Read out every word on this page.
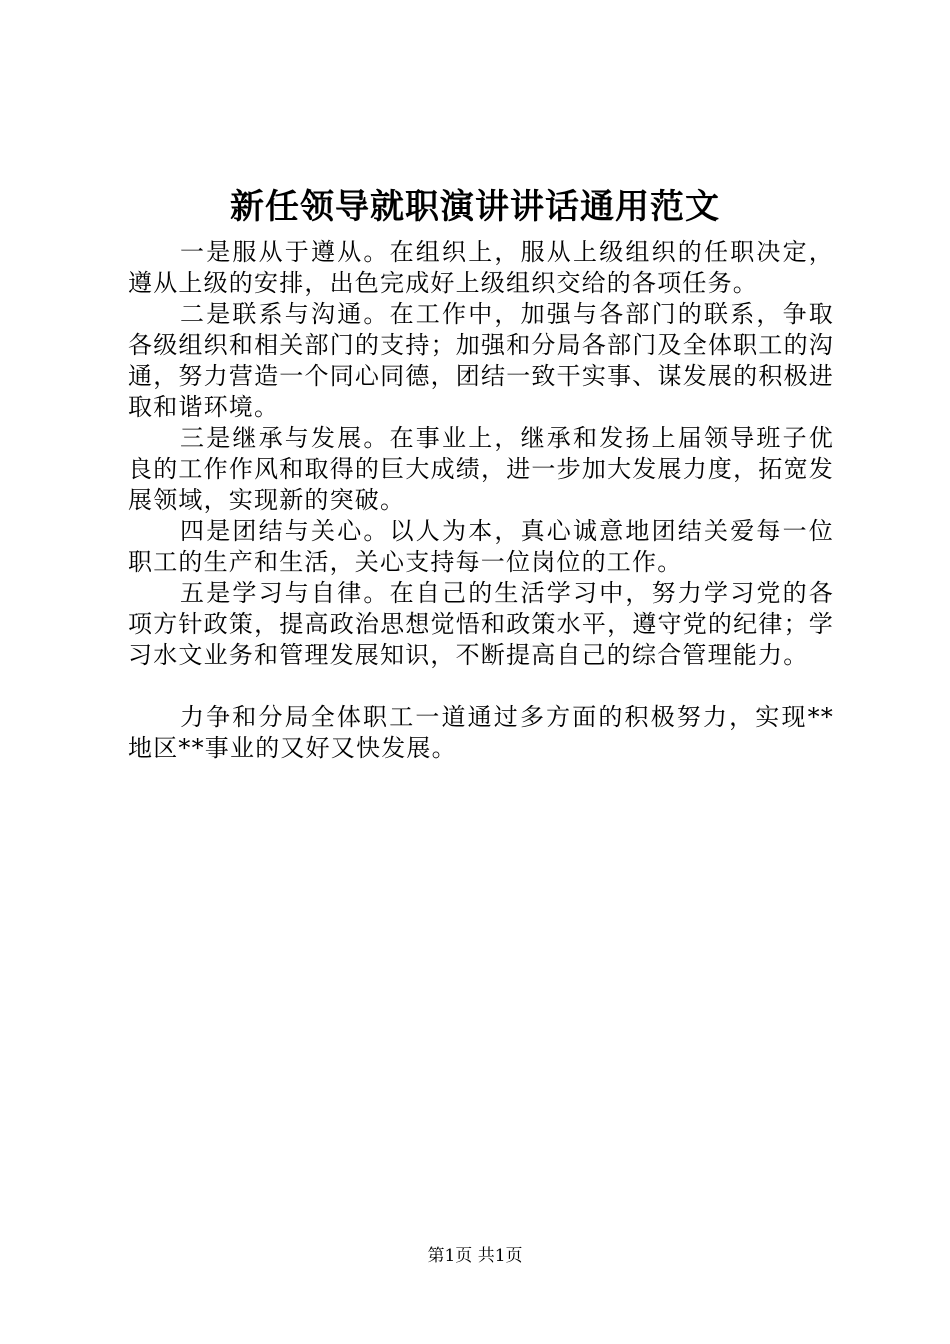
新任领导就职演讲讲话通用范文

一是服从于遵从。在组织上，服从上级组织的任职决定，遵从上级的安排，出色完成好上级组织交给的各项任务。

二是联系与沟通。在工作中，加强与各部门的联系，争取各级组织和相关部门的支持；加强和分局各部门及全体职工的沟通，努力营造一个同心同德，团结一致干实事、谋发展的积极进取和谐环境。

三是继承与发展。在事业上，继承和发扬上届领导班子优良的工作作风和取得的巨大成绩，进一步加大发展力度，拓宽发展领域，实现新的突破。

四是团结与关心。以人为本，真心诚意地团结关爱每一位职工的生产和生活，关心支持每一位岗位的工作。

五是学习与自律。在自己的生活学习中，努力学习党的各项方针政策，提高政治思想觉悟和政策水平，遵守党的纪律；学习水文业务和管理发展知识，不断提高自己的综合管理能力。

力争和分局全体职工一道通过多方面的积极努力，实现**地区**事业的又好又快发展。

第1页 共1页
